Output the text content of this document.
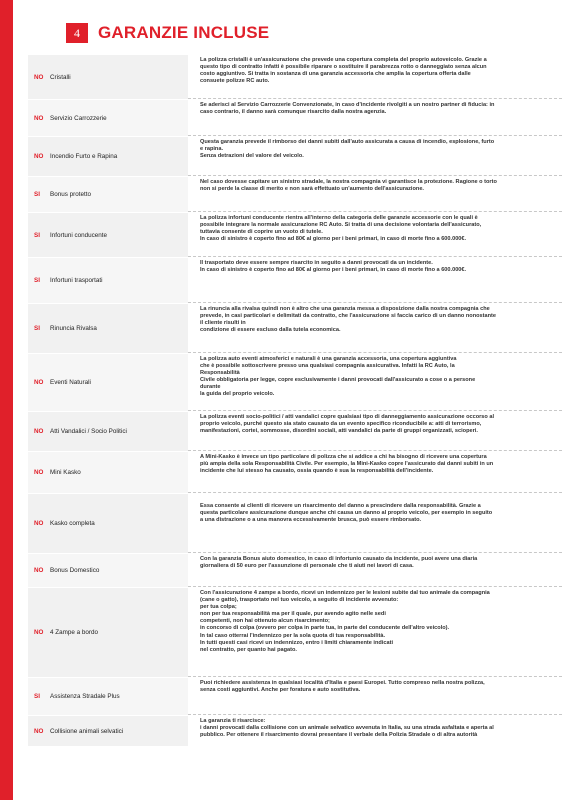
4	GARANZIE INCLUSE
NO	Cristalli

La polizza cristalli è un'assicurazione che prevede una copertura completa del proprio autoveicolo. Grazie a
questo tipo di contratto infatti è possibile riparare o sostituire il parabrezza rotto o danneggiato senza alcun
costo aggiuntivo. Si tratta in sostanza di una garanzia accessoria che amplia la copertura offerta dalle
consuete polizze RC auto.

NO	Servizio Carrozzerie

Se aderisci al Servizio Carrozzerie Convenzionate, in caso d'incidente rivolgiti a un nostro partner di fiducia: in
caso contrario, il danno sarà comunque risarcito dalla nostra agenzia.

NO	Incendio Furto e Rapina

Questa garanzia prevede il rimborso dei danni subiti dall'auto assicurata a causa di incendio, esplosione, furto
e rapina.
Senza detrazioni del valore del veicolo.

SI	Bonus protetto

Nel caso dovesse capitare un sinistro stradale, la nostra compagnia vi garantisce la protezione. Ragione o torto
non si perde la classe di merito e non sarà effettuato un'aumento dell'assicurazione.

SI	Infortuni conducente

La polizza infortuni conducente rientra all'interno della categoria delle garanzie accessorie con le quali è
possibile integrare la normale assicurazione RC Auto. Si tratta di una decisione volontaria dell'assicurato,
tuttavia consente di coprire un vuoto di tutele.
In caso di sinistro è coperto fino ad 80€ al giorno per i beni primari, in caso di morte fino a 600.000€.

SI	Infortuni trasportati

Il trasportato deve essere sempre risarcito in seguito a danni provocati da un incidente.
In caso di sinistro è coperto fino ad 80€ al giorno per i beni primari, in caso di morte fino a 600.000€.

SI	Rinuncia Rivalsa

La rinuncia alla rivalsa quindi non è altro che una garanzia messa a disposizione dalla nostra compagnia che
prevede, in casi particolari e delimitati da contratto, che l'assicurazione si faccia carico di un danno nonostante
il cliente risulti in
condizione di essere escluso dalla tutela economica.

NO	Eventi Naturali

La polizza auto eventi atmosferici e naturali è una garanzia accessoria, una copertura aggiuntiva
che è possibile sottoscrivere presso una qualsiasi compagnia assicurativa. Infatti la RC Auto, la
Responsabilità
Civile obbligatoria per legge, copre esclusivamente i danni provocati dall'assicurato a cose o a persone
durante
la guida del proprio veicolo.

NO	Atti Vandalici / Socio Politici

La polizza eventi socio-politici / atti vandalici copre qualsiasi tipo di danneggiamento assicurazione occorso al
proprio veicolo, purché questo sia stato causato da un evento specifico riconducibile a: atti di terrorismo,
manifestazioni, cortei, sommosse, disordini sociali, atti vandalici da parte di gruppi organizzati, scioperi.

NO	Mini Kasko

A Mini-Kasko è invece un tipo particolare di polizza che si addice a chi ha bisogno di ricevere una copertura
più ampia della sola Responsabilità Civile. Per esempio, la Mini-Kasko copre l'assicurato dai danni subiti in un
incidente che lui stesso ha causato, ossia quando è sua la responsabilità dell'incidente.

NO	Kasko completa

Essa consente ai clienti di ricevere un risarcimento del danno a prescindere dalla responsabilità. Grazie a
questa particolare assicurazione dunque anche chi causa un danno al proprio veicolo, per esempio in seguito
a una distrazione o a una manovra eccessivamente brusca, può essere rimborsato.

NO	Bonus Domestico

Con la garanzia Bonus aiuto domestico, in caso di infortunio causato da incidente, puoi avere una diaria
giornaliera di 50 euro per l'assunzione di personale che ti aiuti nei lavori di casa.

NO	4 Zampe a bordo

Con l'assicurazione 4 zampe a bordo, ricevi un indennizzo per le lesioni subite dal tuo animale da compagnia
(cane o gatto), trasportato nel tuo veicolo, a seguito di incidente avvenuto:
per tua colpa;
non per tua responsabilità ma per il quale, pur avendo agito nelle sedi
competenti, non hai ottenuto alcun risarcimento;
in concorso di colpa (ovvero per colpa in parte tua, in parte del conducente dell'altro veicolo).
In tal caso otterrai l'indennizzo per la sola quota di tua responsabilità.
In tutti questi casi ricevi un indennizzo, entro i limiti chiaramente indicati
nel contratto, per quanto hai pagato.

SI	Assistenza Stradale Plus

Puoi richiedere assistenza in qualsiasi località d'Italia e paesi Europei. Tutto compreso nella nostra polizza,
senza costi aggiuntivi. Anche per foratura e auto sostitutiva.

NO	Collisione animali selvatici

La garanzia ti risarcisce:
i danni provocati dalla collisione con un animale selvatico avvenuta in Italia, su una strada asfaltata e aperta al
pubblico. Per ottenere il risarcimento dovrai presentare il verbale della Polizia Stradale o di altra autorità
